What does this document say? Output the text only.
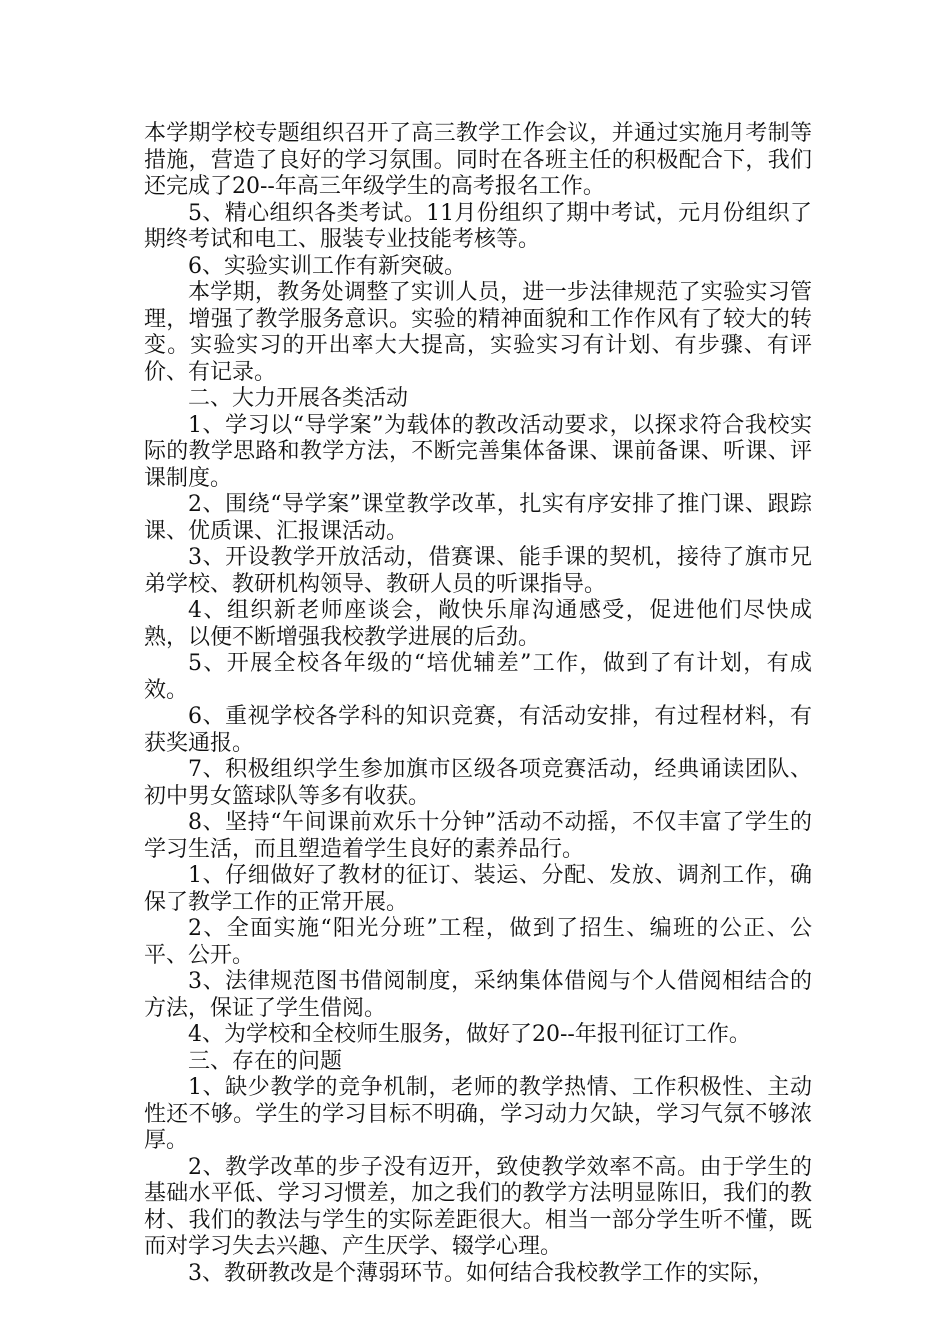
本学期学校专题组织召开了高三教学工作会议，并通过实施月考制等措施，营造了良好的学习氛围。同时在各班主任的积极配合下，我们还完成了20--年高三年级学生的高考报名工作。

5、精心组织各类考试。11月份组织了期中考试，元月份组织了期终考试和电工、服装专业技能考核等。

6、实验实训工作有新突破。

本学期，教务处调整了实训人员，进一步法律规范了实验实习管理，增强了教学服务意识。实验的精神面貌和工作作风有了较大的转变。实验实习的开出率大大提高，实验实习有计划、有步骤、有评价、有记录。

二、大力开展各类活动

1、学习以“导学案”为载体的教改活动要求，以探求符合我校实际的教学思路和教学方法，不断完善集体备课、课前备课、听课、评课制度。

2、围绕“导学案”课堂教学改革，扎实有序安排了推门课、跟踪课、优质课、汇报课活动。

3、开设教学开放活动，借赛课、能手课的契机，接待了旗市兄弟学校、教研机构领导、教研人员的听课指导。

4、组织新老师座谈会，敞快乐扉沟通感受，促进他们尽快成熟，以便不断增强我校教学进展的后劲。

5、开展全校各年级的“培优辅差”工作，做到了有计划，有成效。

6、重视学校各学科的知识竞赛，有活动安排，有过程材料，有获奖通报。

7、积极组织学生参加旗市区级各项竞赛活动，经典诵读团队、初中男女篮球队等多有收获。

8、坚持“午间课前欢乐十分钟”活动不动摇，不仅丰富了学生的学习生活，而且塑造着学生良好的素养品行。

1、仔细做好了教材的征订、装运、分配、发放、调剂工作，确保了教学工作的正常开展。

2、全面实施“阳光分班”工程，做到了招生、编班的公正、公平、公开。

3、法律规范图书借阅制度，采纳集体借阅与个人借阅相结合的方法，保证了学生借阅。

4、为学校和全校师生服务，做好了20--年报刊征订工作。

三、存在的问题

1、缺少教学的竞争机制，老师的教学热情、工作积极性、主动性还不够。学生的学习目标不明确，学习动力欠缺，学习气氛不够浓厚。

2、教学改革的步子没有迈开，致使教学效率不高。由于学生的基础水平低、学习习惯差，加之我们的教学方法明显陈旧，我们的教材、我们的教法与学生的实际差距很大。相当一部分学生听不懂，既而对学习失去兴趣、产生厌学、辍学心理。

3、教研教改是个薄弱环节。如何结合我校教学工作的实际，
